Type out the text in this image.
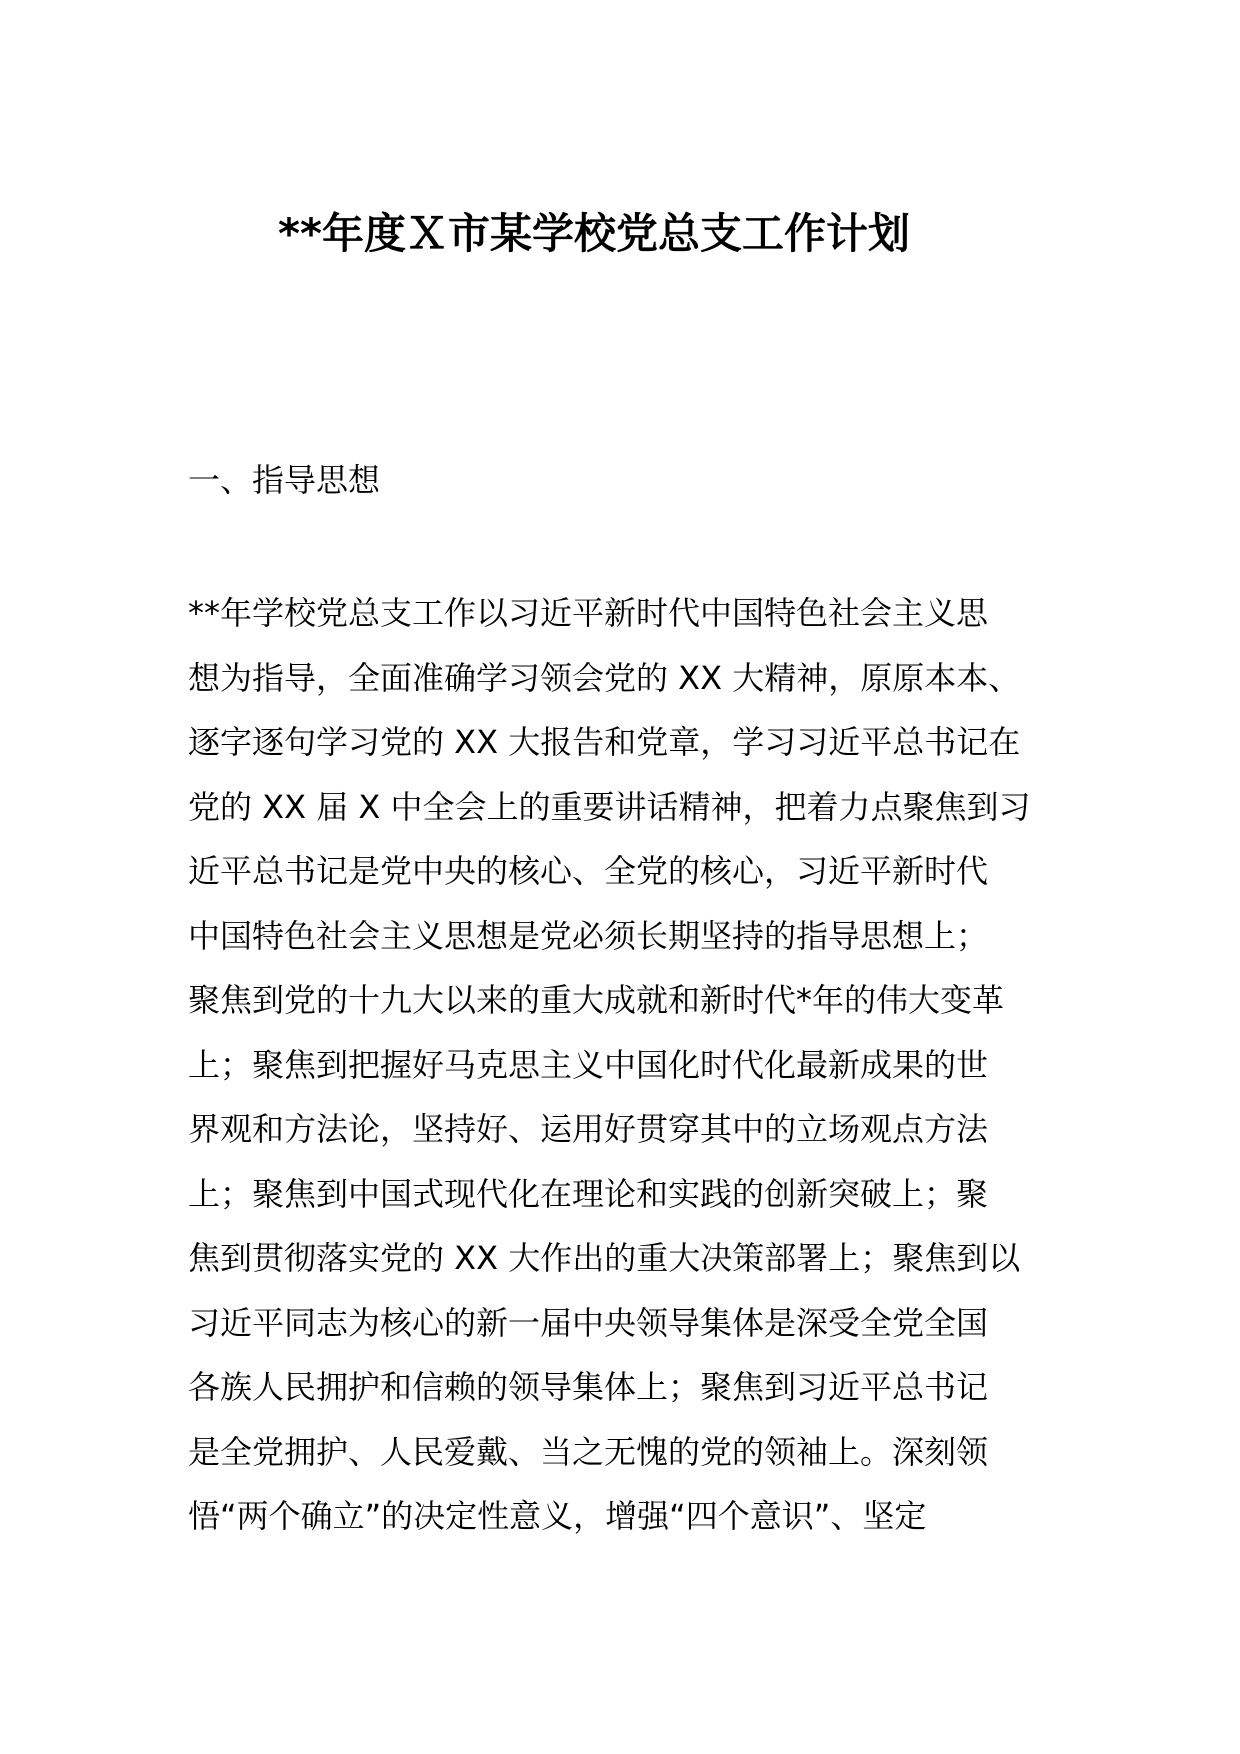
**年度Ｘ市某学校党总支工作计划
一、指导思想
**年学校党总支工作以习近平新时代中国特色社会主义思
想为指导，全面准确学习领会党的 XX 大精神，原原本本、
逐字逐句学习党的 XX 大报告和党章，学习习近平总书记在
党的 XX 届 X 中全会上的重要讲话精神，把着力点聚焦到习
近平总书记是党中央的核心、全党的核心，习近平新时代
中国特色社会主义思想是党必须长期坚持的指导思想上；
聚焦到党的十九大以来的重大成就和新时代*年的伟大变革
上；聚焦到把握好马克思主义中国化时代化最新成果的世
界观和方法论，坚持好、运用好贯穿其中的立场观点方法
上；聚焦到中国式现代化在理论和实践的创新突破上；聚
焦到贯彻落实党的 XX 大作出的重大决策部署上；聚焦到以
习近平同志为核心的新一届中央领导集体是深受全党全国
各族人民拥护和信赖的领导集体上；聚焦到习近平总书记
是全党拥护、人民爱戴、当之无愧的党的领袖上。深刻领
悟“两个确立”的决定性意义，增强“四个意识”、坚定
